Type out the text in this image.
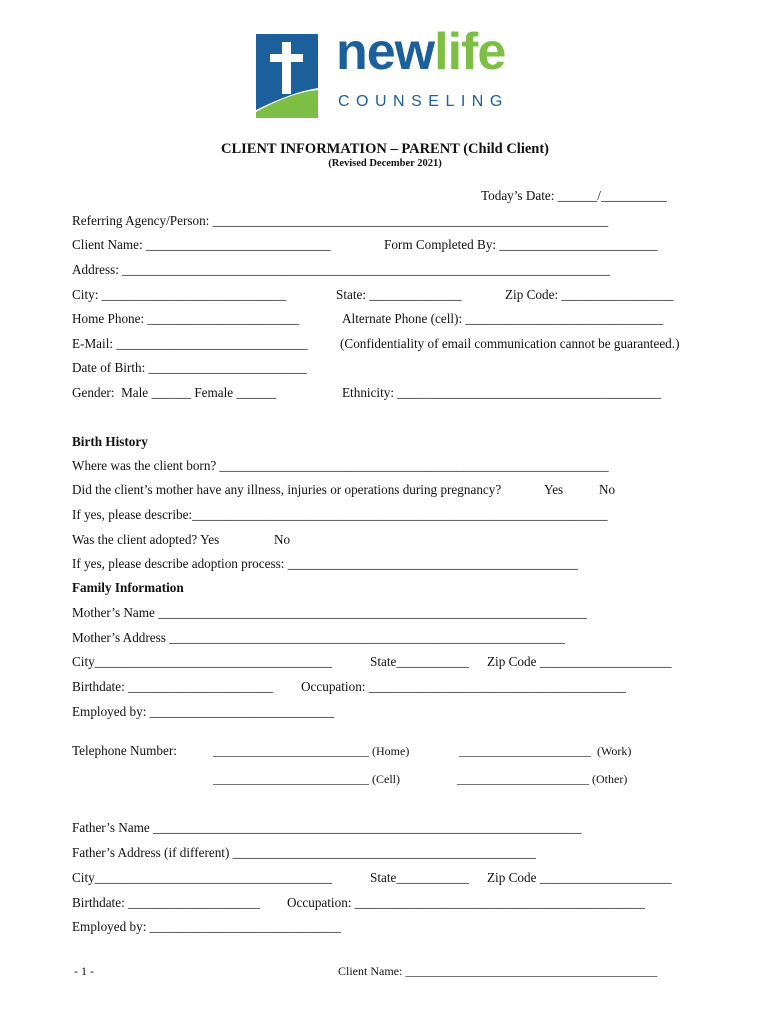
newlife
COUNSELING
CLIENT INFORMATION – PARENT (Child Client)
(Revised December 2021)
Today’s Date: ______/__________
Referring Agency/Person: ____________________________________________________________
Client Name: ____________________________	Form Completed By: ________________________
Address: __________________________________________________________________________
City: ____________________________	State: ______________	Zip Code: _________________
Home Phone: _______________________	Alternate Phone (cell): ______________________________
E-Mail: _____________________________ (Confidentiality of email communication cannot be guaranteed.)
Date of Birth: ________________________
Gender:  Male ______ Female ______	Ethnicity: ________________________________________
Birth History
Where was the client born? ___________________________________________________________
Did the client’s mother have any illness, injuries or operations during pregnancy?	Yes	No
If yes, please describe:_______________________________________________________________
Was the client adopted? Yes	No
If yes, please describe adoption process: ____________________________________________
Family Information
Mother’s Name _________________________________________________________________
Mother’s Address ____________________________________________________________
City____________________________________	State___________ Zip Code ____________________
Birthdate: ______________________ Occupation: _______________________________________
Employed by: ____________________________
Telephone Number:	__________________________ (Home)	______________________  (Work)
__________________________ (Cell)	______________________ (Other)
Father’s Name _________________________________________________________________
Father’s Address (if different) ______________________________________________
City____________________________________	State___________ Zip Code ____________________
Birthdate: ____________________ Occupation: ____________________________________________
Employed by: _____________________________
- 1 -	Client Name: __________________________________________
